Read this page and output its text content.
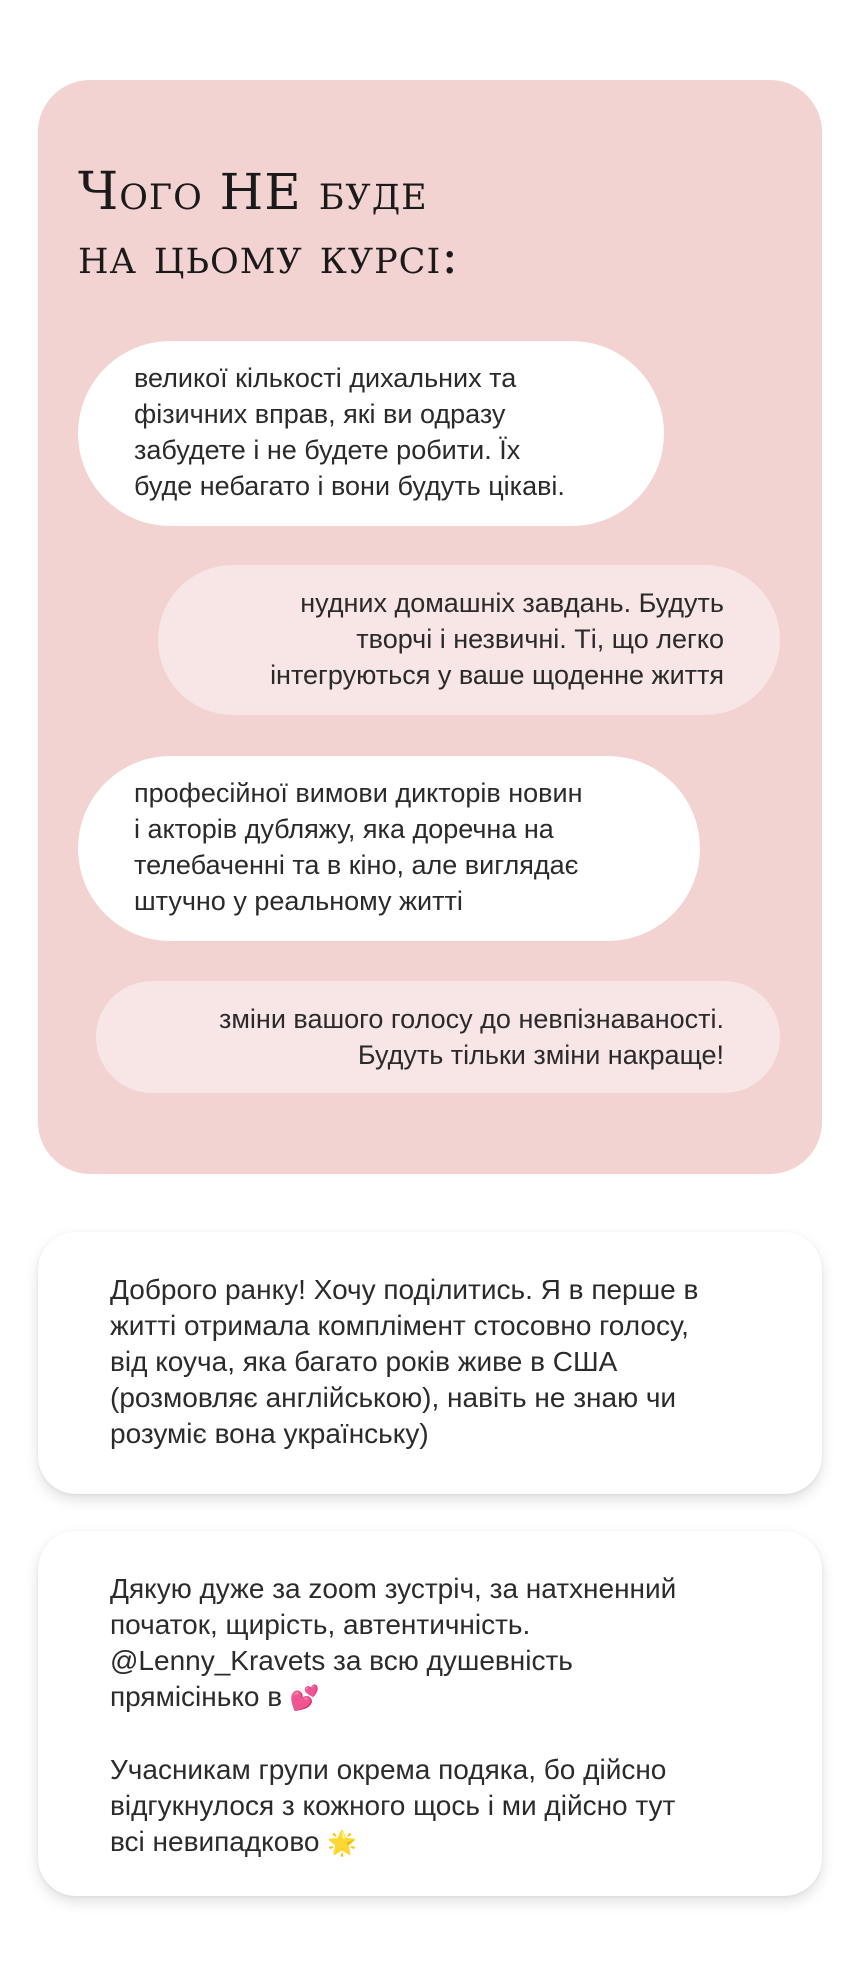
Чого НЕ буде
на цьому курсі:
великої кількості дихальних та
фізичних вправ, які ви одразу
забудете і не будете робити. Їх
буде небагато і вони будуть цікаві.
нудних домашніх завдань. Будуть
творчі і незвичні. Ті, що легко
інтегруються у ваше щоденне життя
професійної вимови дикторів новин
і акторів дубляжу, яка доречна на
телебаченні та в кіно, але виглядає
штучно у реальному житті
зміни вашого голосу до невпізнаваності.
Будуть тільки зміни накраще!

Доброго ранку! Хочу поділитись. Я в перше в

житті отримала комплімент стосовно голосу,

від коуча, яка багато років живе в США

(розмовляє англійською), навіть не знаю чи

розуміє вона українську)

Дякую дуже за zoom зустріч, за натхненний

початок, щирість, автентичність.

@Lenny_Kravets за всю душевність

прямісінько в 💕

Учасникам групи окрема подяка, бо дійсно

відгукнулося з кожного щось і ми дійсно тут

всі невипадково 🌟
